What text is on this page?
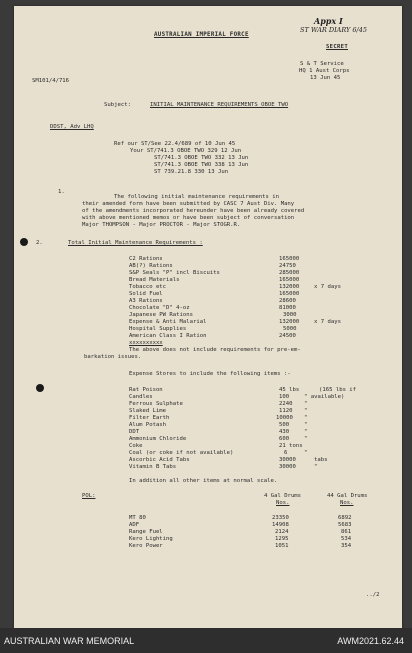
AUSTRALIAN IMPERIAL FORCE
Appx I
ST WAR DIARY 6/45
SECRET
S & T Service
HQ 1 Aust Corps
13 Jun 45
SM101/4/716
Subject:	INITIAL MAINTENANCE REQUIREMENTS OBOE TWO
DDST, Adv LHQ
Ref our ST/See 22.4/689 of 10 Jun 45
Your ST/741.3 OBOE TWO 329 12 Jun
ST/741.3 OBOE TWO 332 13 Jun
ST/741.3 OBOE TWO 338 13 Jun
ST 739.21.8 330 13 Jun
1.
The following initial maintenance requirements in
their amended form have been submitted by CASC 7 Aust Div. Many
of the amendments incorporated hereunder have been already covered
with above mentioned memos or have been subject of conversation
Major THOMPSON - Major PROCTOR - Major STOGR.R.
2.	Total Initial Maintenance Requirements :
C2 Rations	165000
AB(?) Rations	24750
S&P Seals "P" incl Biscuits	285000
Bread Materials	165000
Tobacco etc	132000	x 7 days
Solid Fuel	165000
A3 Rations	28600
Chocolate "D" 4-oz	81000
Japanese PW Rations	3000
Expense & Anti Malarial	132000	x 7 days
Hospital Supplies	5000
American Class I Ration	24500
xxxxxxxxxx
The above does not include requirements for pre-em-
barkation issues.
Expense Stores to include the following items :-
Rat Poison	45 lbs	(165 lbs if
Candles	100	" available)
Ferrous Sulphate	2240 "
Slaked Lime	1120 "
Filter Earth	10000 "
Alum Potash	500	"
DDT	430	"
Ammonium Chloride	600	"
Coke	21 tons
Coal (or coke if not available)	6	"
Ascorbic Acid Tabs	30000	tabs
Vitamin B Tabs	30000	"
In addition all other items at normal scale.
POL:	4 Gal Drums	44 Gal Drums
Nos.	Nos.
MT 80	23350	6892
ADF	14908	5683
Range Fuel	2124	861
Kero Lighting	1295	534
Kero Power	1051	354
../2
AUSTRALIAN WAR MEMORIAL	AWM2021.62.44
